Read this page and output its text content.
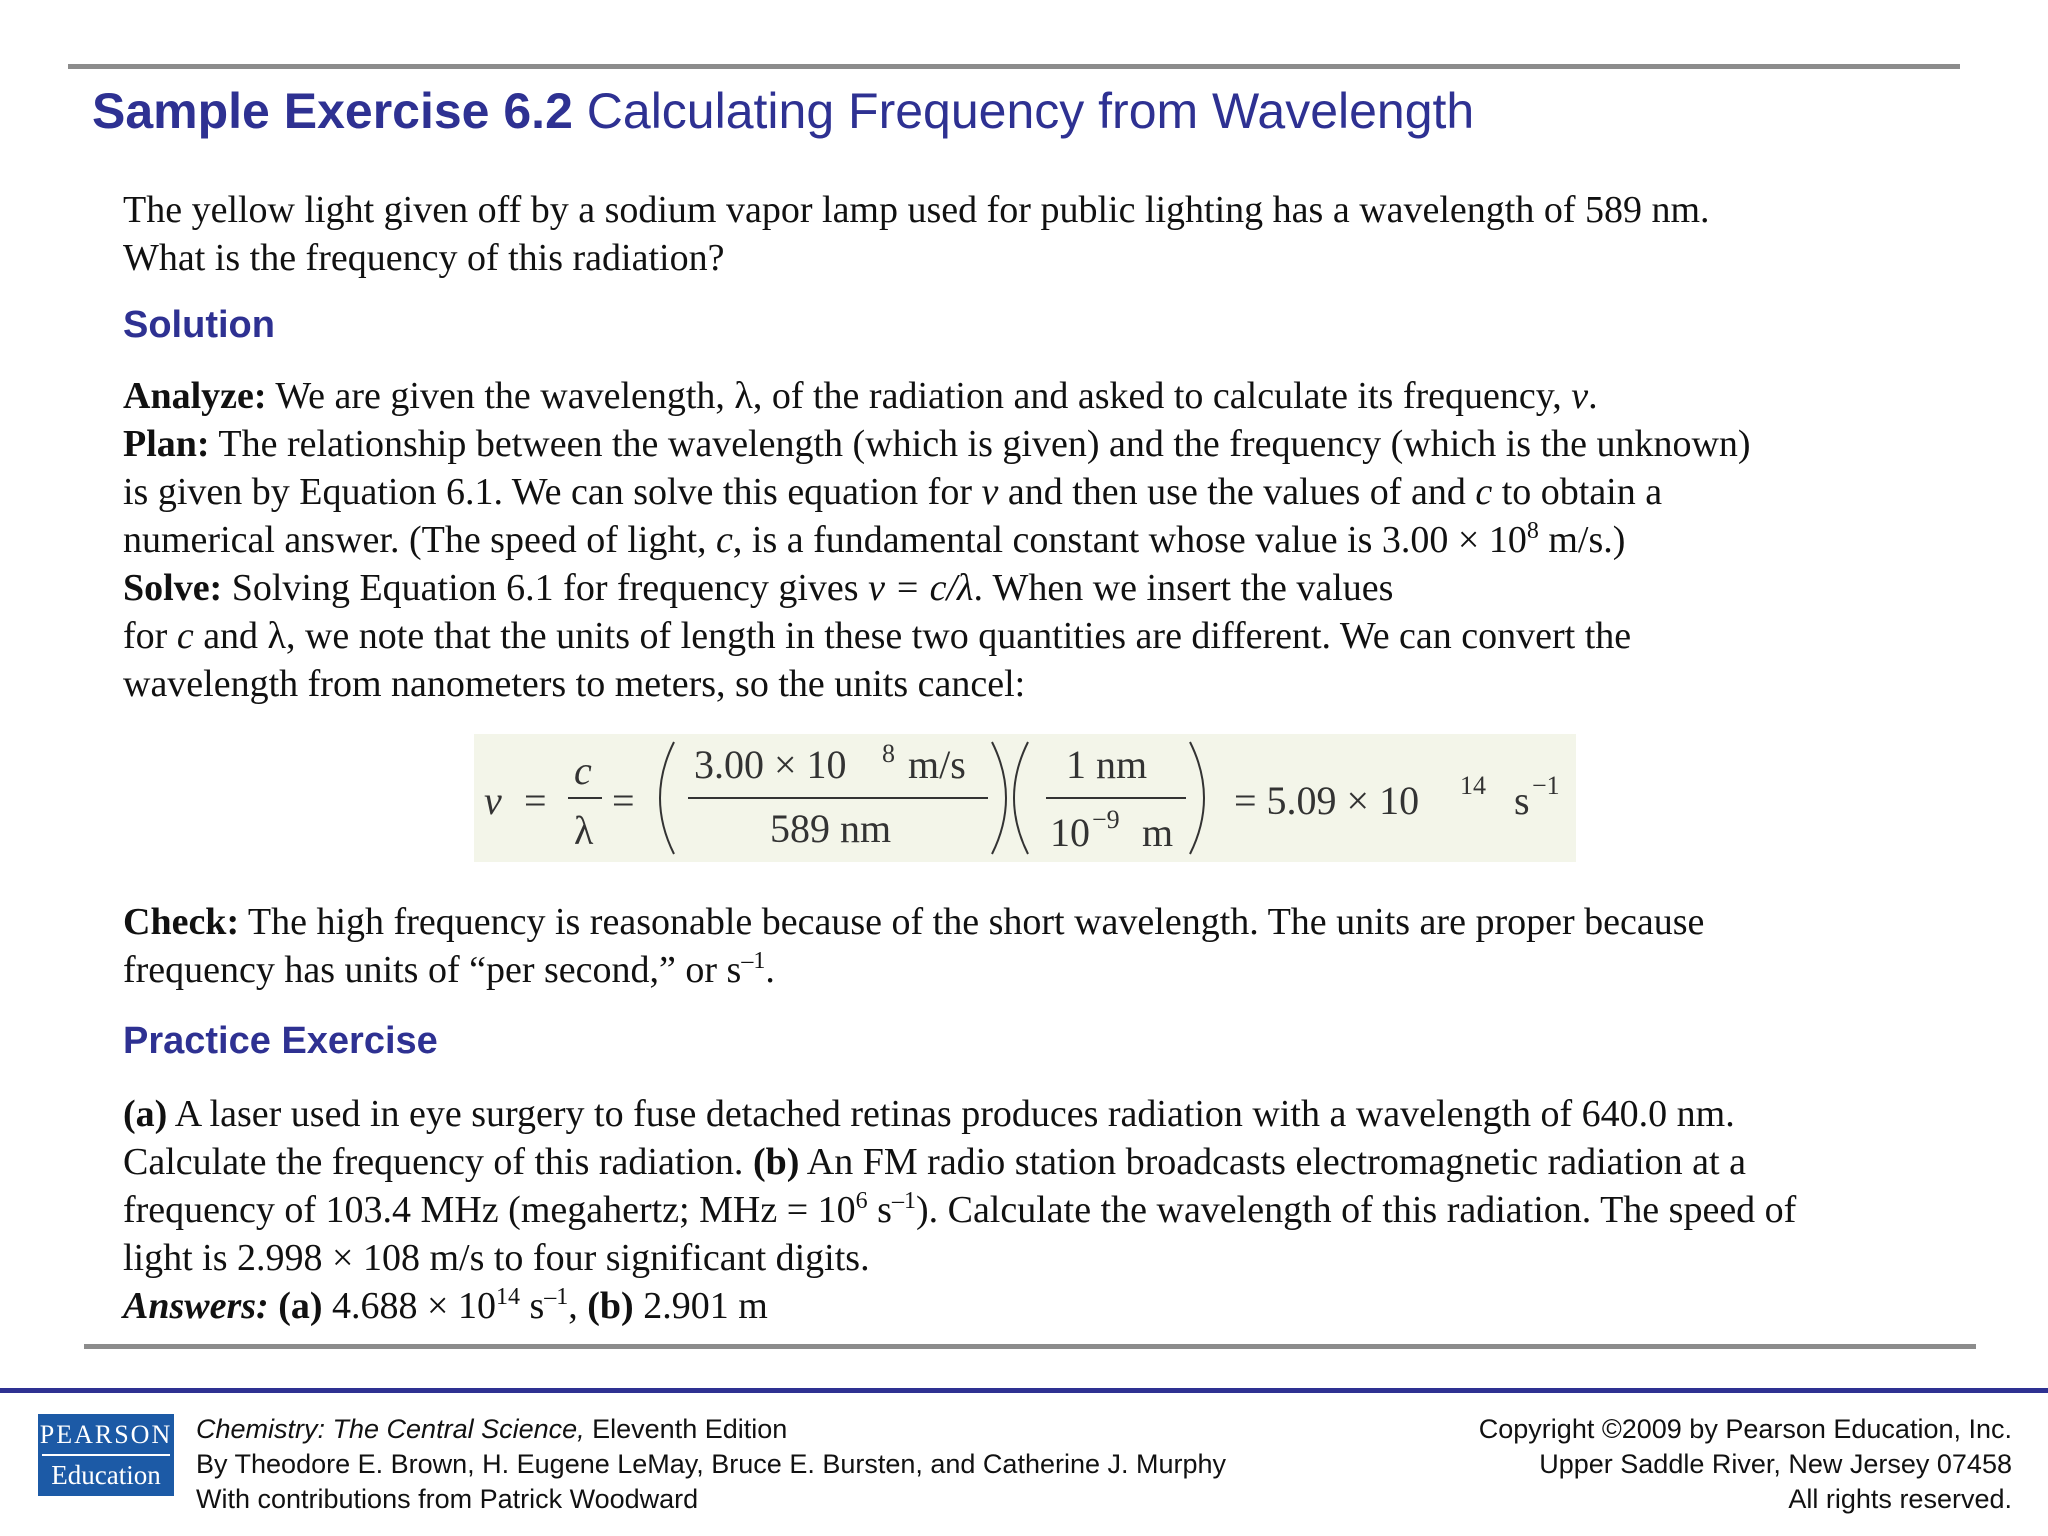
Sample Exercise 6.2 Calculating Frequency from Wavelength
The yellow light given off by a sodium vapor lamp used for public lighting has a wavelength of 589 nm.
What is the frequency of this radiation?
Solution
Analyze: We are given the wavelength, λ, of the radiation and asked to calculate its frequency, ν.
Plan: The relationship between the wavelength (which is given) and the frequency (which is the unknown)
is given by Equation 6.1. We can solve this equation for ν and then use the values of and c to obtain a
numerical answer. (The speed of light, c, is a fundamental constant whose value is $3.00 \times 10^8$ m/s.)
Solve: Solving Equation 6.1 for frequency gives ν = c/λ. When we insert the values
for c and λ, we note that the units of length in these two quantities are different. We can convert the
wavelength from nanometers to meters, so the units cancel:
ν =
c
λ
=
3.00 × 10 8 m/s
589 nm
1 nm
10 −9 m
= 5.09 × 10 14 s −1
Check: The high frequency is reasonable because of the short wavelength. The units are proper because
frequency has units of “per second,” or $s^{-1}$.
Practice Exercise
(a) A laser used in eye surgery to fuse detached retinas produces radiation with a wavelength of 640.0 nm.
Calculate the frequency of this radiation. (b) An FM radio station broadcasts electromagnetic radiation at a
frequency of 103.4 MHz (megahertz; MHz = $10^6$ $s^{-1}$). Calculate the wavelength of this radiation. The speed of
light is 2.998 × 108 m/s to four significant digits.
Answers: (a) $4.688 \times 10^{14}$ $s^{-1}$, (b) 2.901 m
PEARSON
Education
Chemistry: The Central Science, Eleventh Edition
By Theodore E. Brown, H. Eugene LeMay, Bruce E. Bursten, and Catherine J. Murphy
With contributions from Patrick Woodward
Copyright ©2009 by Pearson Education, Inc.
Upper Saddle River, New Jersey 07458
All rights reserved.
